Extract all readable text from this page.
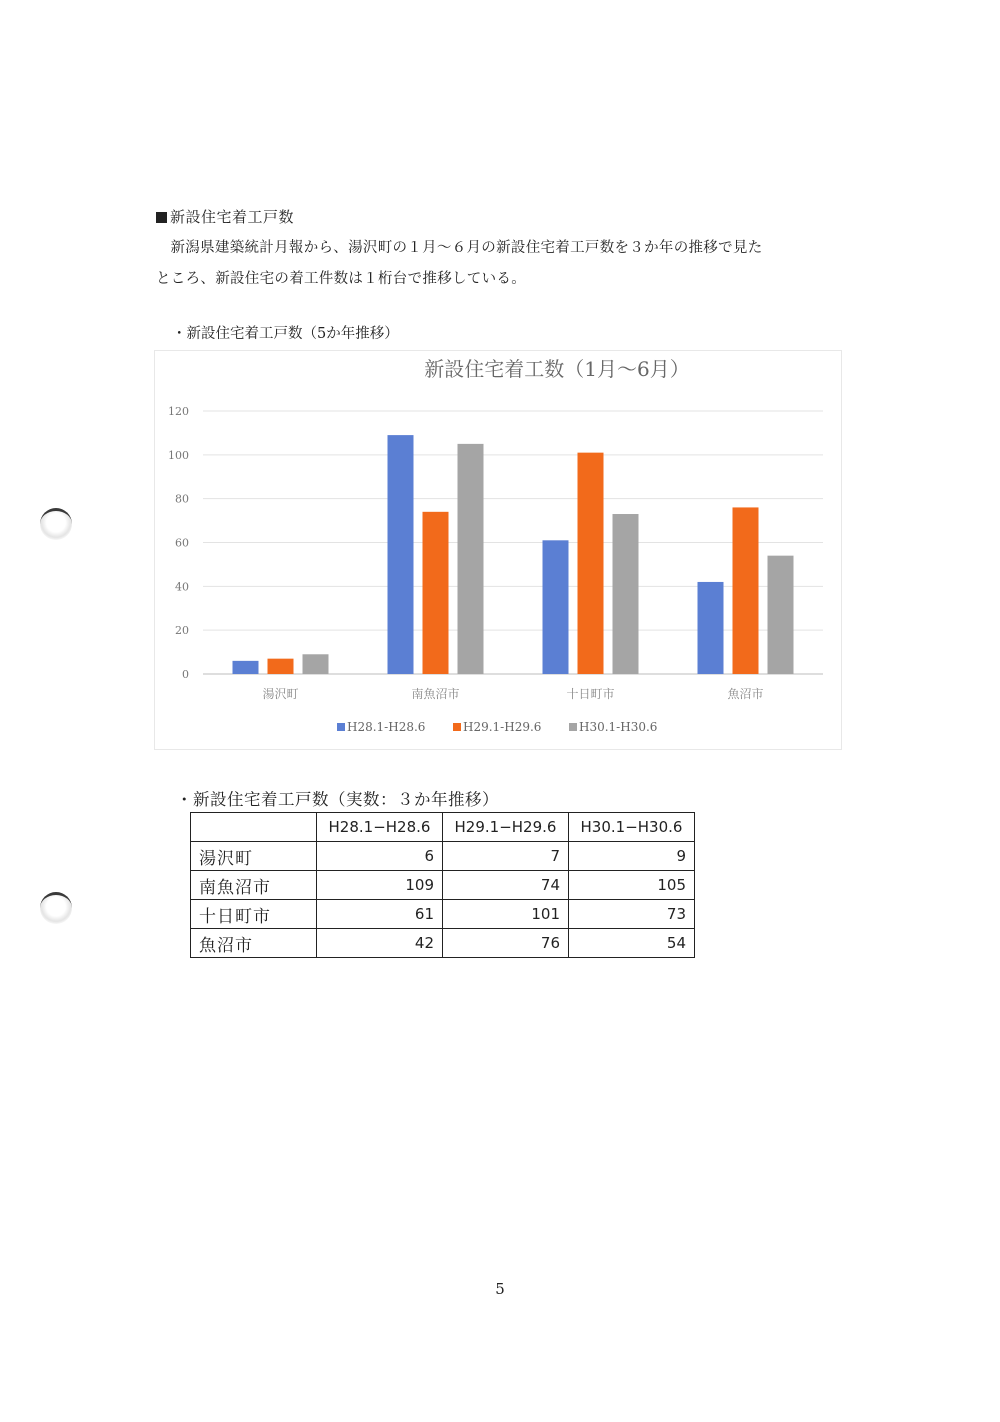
新設住宅着工戸数

新潟県建築統計月報から、湯沢町の１月～６月の新設住宅着工戸数を３か年の推移で見た

ところ、新設住宅の着工件数は１桁台で推移している。
・新設住宅着工戸数（5か年推移）
新設住宅着工数（1月～6月）
0
20
40
60
80
100
120
湯沢町	南魚沼市	十日町市	魚沼市
H28.1-H28.6	H29.1-H29.6	H30.1-H30.6
・新設住宅着工戸数（実数：３か年推移）
	H28.1−H28.6	H29.1−H29.6	H30.1−H30.6
湯沢町	6	7	9
南魚沼市	109	74	105
十日町市	61	101	73
魚沼市	42	76	54
5
